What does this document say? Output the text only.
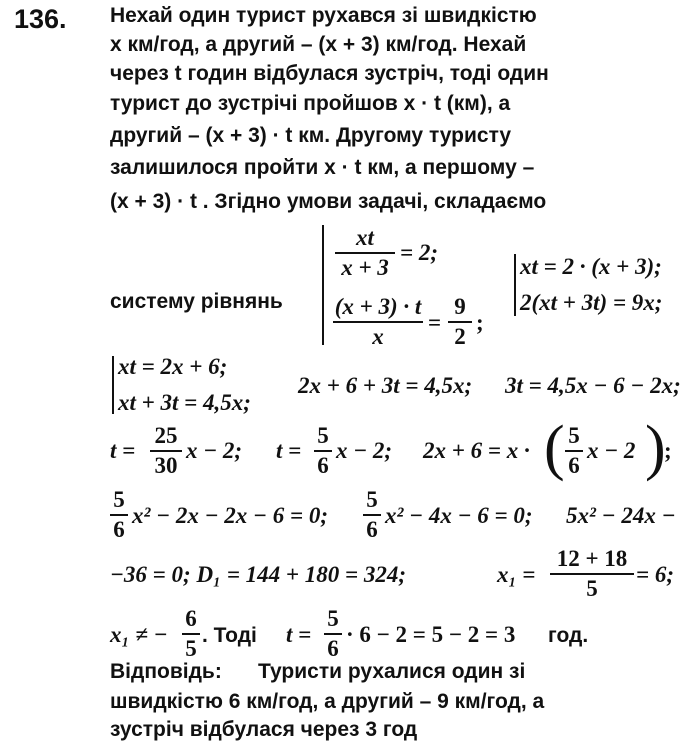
136. Нехай один турист рухався зі швидкістю
x км/год, а другий – (x + 3) км/год. Нехай
через t годин відбулася зустріч, тоді один
турист до зустрічі пройшов x · t (км), а
другий – (x + 3) · t км. Другому туристу
залишилося пройти x · t км, а першому –
(x + 3) · t . Згідно умови задачі, складаємо
систему рівнянь
xt
x + 3
= 2;
(x + 3) · t
x
=
9
2
;
xt = 2 · (x + 3);
2(xt + 3t) = 9x;
xt = 2x + 6;
xt + 3t = 4,5x;
2x + 6 + 3t = 4,5x; 3t = 4,5x − 6 − 2x;
t =
25
30
x − 2; t =
5
6
x − 2; 2x + 6 = x · ( 5
6
x − 2 )
;
5
6
x² − 2x − 2x − 6 = 0;
5
6
x² − 4x − 6 = 0; 5x² − 24x −
−36 = 0; D₁ = 144 + 180 = 324;	x₁ =
12 + 18
5
= 6;
x₁ ≠ −
6
5
. Тоді t =
5
6
· 6 − 2 = 5 − 2 = 3 год.
Відповідь: Туристи рухалися один зі
швидкістю 6 км/год, а другий – 9 км/год, а
зустріч відбулася через 3 год
